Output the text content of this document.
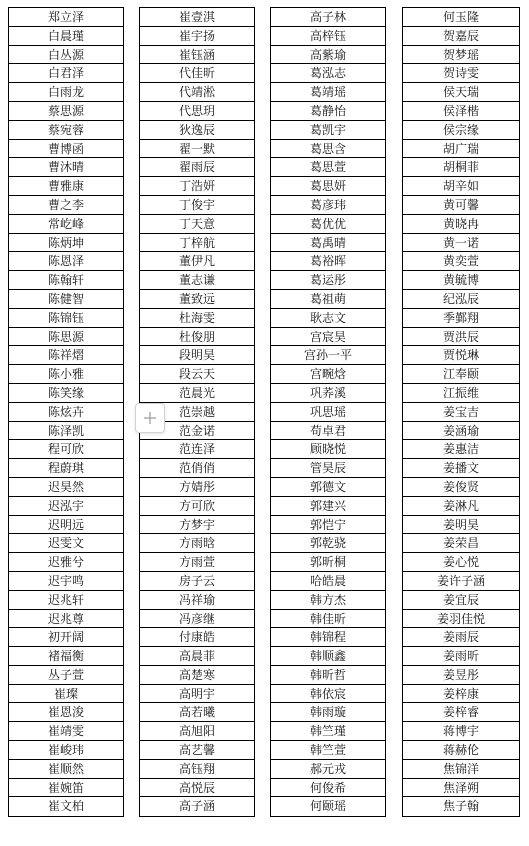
郑立泽
白晨瑾
白丛源
白君泽
白雨龙
蔡思源
蔡宛蓉
曹博函
曹沐晴
曹雅康
曹之李
常屹峰
陈炳坤
陈恩泽
陈翰轩
陈健智
陈锦钰
陈思源
陈祥熠
陈小雅
陈笑缘
陈炫卉
陈泽凯
程可欣
程蔚琪
迟昊然
迟泓宇
迟明远
迟雯文
迟雅兮
迟宇鸣
迟兆轩
迟兆尊
初开阔
褚福衡
丛子萱
崔璨
崔恩浚
崔靖雯
崔峻玮
崔顺然
崔婉笛
崔文柏
崔壹淇
崔宇扬
崔钰涵
代佳昕
代靖淞
代思玥
狄逸辰
翟一默
翟雨辰
丁浩妍
丁俊宇
丁天意
丁梓航
董伊凡
董志谦
董致远
杜海雯
杜俊朋
段明昊
段云天
范晨光
范崇越
范金诺
范连泽
范俏俏
方婧彤
方可欣
方梦宇
方雨晗
方雨萱
房子云
冯祥瑜
冯彦继
付康皓
高晨菲
高楚寒
高明宇
高若曦
高旭阳
高艺馨
高钰翔
高悦辰
高子涵
高子林
高梓钰
高紫瑜
葛泓志
葛靖瑶
葛静怡
葛凯宇
葛思含
葛思萱
葛思妍
葛彦玮
葛优优
葛禹晴
葛裕晖
葛运彤
葛祖萌
耿志文
宫宸昊
宫孙一平
宫畹焓
巩荞溪
巩思瑶
苟卓君
顾晓悦
管昊辰
郭德文
郭建兴
郭恺宁
郭乾骁
郭昕桐
哈皓晨
韩方杰
韩佳昕
韩锦程
韩顺鑫
韩昕哲
韩依宸
韩雨璇
韩竺瑾
韩竺萱
郝元戎
何俊希
何颐瑶
何玉隆
贺嘉辰
贺梦瑶
贺诗雯
侯天瑞
侯泽楷
侯宗缘
胡广瑞
胡桐菲
胡辛如
黄可馨
黄晓冉
黄一诺
黄奕萱
黄毓博
纪泓辰
季鄞翔
贾洪辰
贾悦琳
江奉颐
江振维
姜宝吉
姜涵瑜
姜惠洁
姜播文
姜俊贤
姜淋凡
姜明昊
姜荣昌
姜心悦
姜许子涵
姜宜辰
姜羽佳悦
姜雨辰
姜雨昕
姜昱彤
姜梓康
姜梓睿
蒋博宇
蒋赫伦
焦锦洋
焦泽朔
焦子翰
